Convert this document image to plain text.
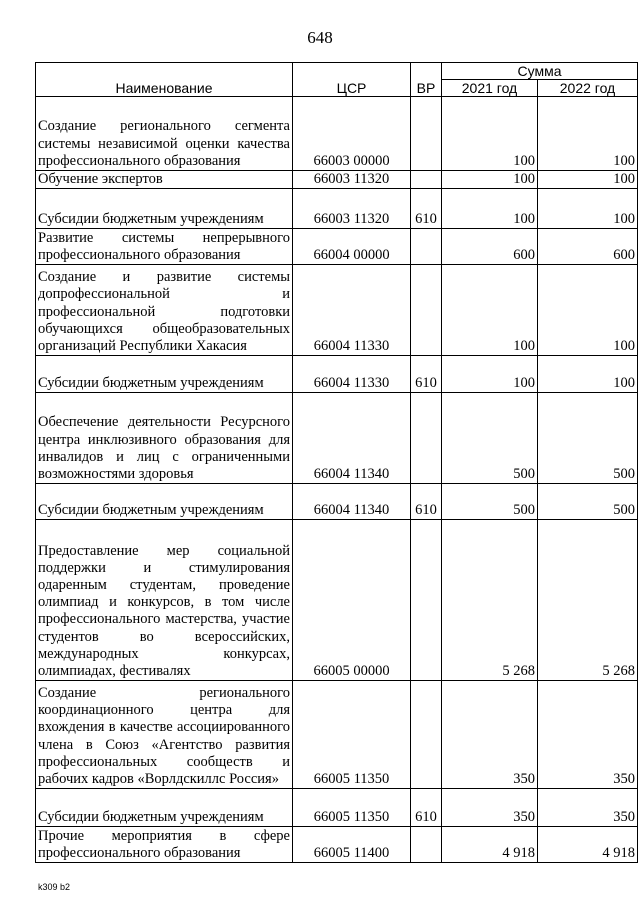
648
Наименование	ЦСР	ВР	Сумма	
			2021 год	2022 год
Создание регионального сегмента системы независимой оценки качества профессионального образования	66003 00000		100	100
Обучение экспертов	66003 11320		100	100
Субсидии бюджетным учреждениям	66003 11320	610	100	100
Развитие системы непрерывного профессионального образования	66004 00000		600	600
Создание и развитие системы допрофессиональной и профессиональной подготовки обучающихся общеобразовательных организаций Республики Хакасия	66004 11330		100	100
Субсидии бюджетным учреждениям	66004 11330	610	100	100
Обеспечение деятельности Ресурсного центра инклюзивного образования для инвалидов и лиц с ограниченными возможностями здоровья	66004 11340		500	500
Субсидии бюджетным учреждениям	66004 11340	610	500	500
Предоставление мер социальной поддержки и стимулирования одаренным студентам, проведение олимпиад и конкурсов, в том числе профессионального мастерства, участие студентов во всероссийских, международных конкурсах, олимпиадах, фестивалях	66005 00000		5 268	5 268
Создание регионального координационного центра для вхождения в качестве ассоциированного члена в Союз «Агентство развития профессиональных сообществ и рабочих кадров «Ворлдскиллс Россия»	66005 11350		350	350
Субсидии бюджетным учреждениям	66005 11350	610	350	350
Прочие мероприятия в сфере профессионального образования	66005 11400		4 918	4 918
k309 b2
